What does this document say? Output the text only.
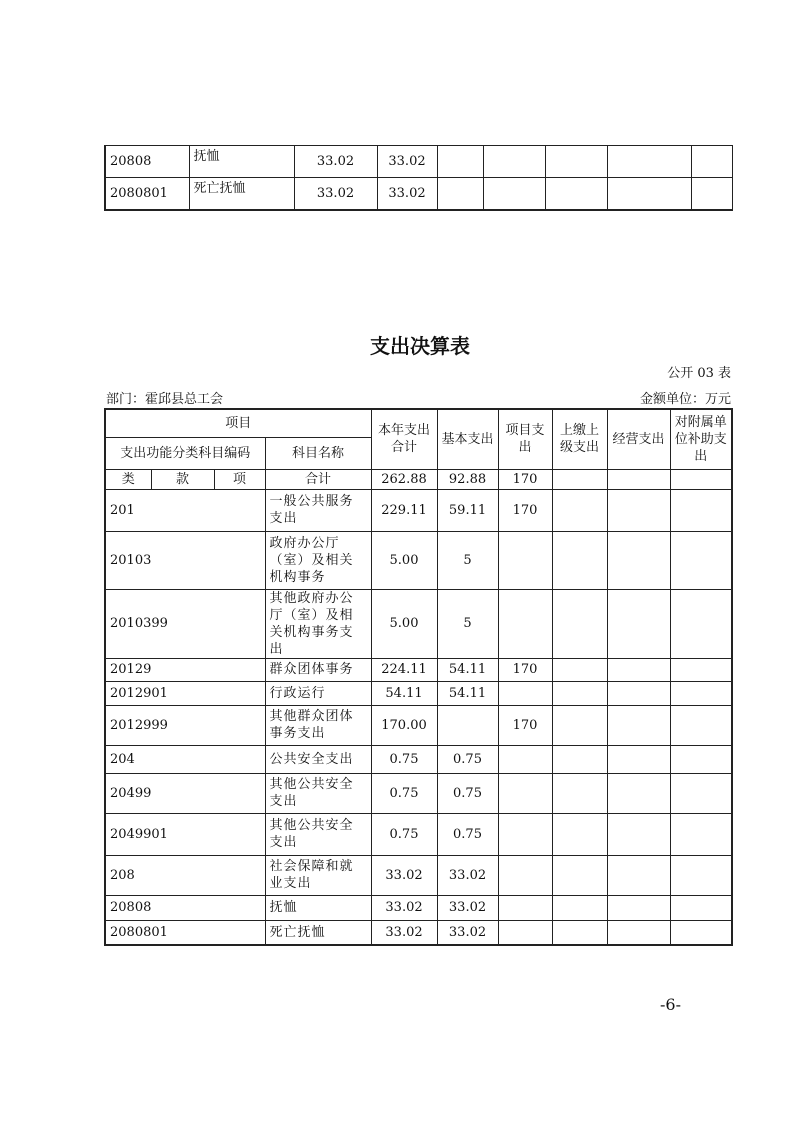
20808	抚恤	33.02	33.02					
2080801	死亡抚恤	33.02	33.02					
支出决算表
公开 03 表
部门：霍邱县总工会	金额单位：万元
项目				本年支出合计	基本支出	项目支出	上缴上级支出	经营支出	对附属单位补助支出
支出功能分类科目编码			科目名称						
类	款	项	合计	262.88	92.88	170			
201			一般公共服务支出	229.11	59.11	170			
20103			政府办公厅（室）及相关机构事务	5.00	5				
2010399			其他政府办公厅（室）及相关机构事务支出	5.00	5				
20129			群众团体事务	224.11	54.11	170			
2012901			行政运行	54.11	54.11				
2012999			其他群众团体事务支出	170.00		170			
204			公共安全支出	0.75	0.75				
20499			其他公共安全支出	0.75	0.75				
2049901			其他公共安全支出	0.75	0.75				
208			社会保障和就业支出	33.02	33.02				
20808			抚恤	33.02	33.02				
2080801			死亡抚恤	33.02	33.02				
-6-
